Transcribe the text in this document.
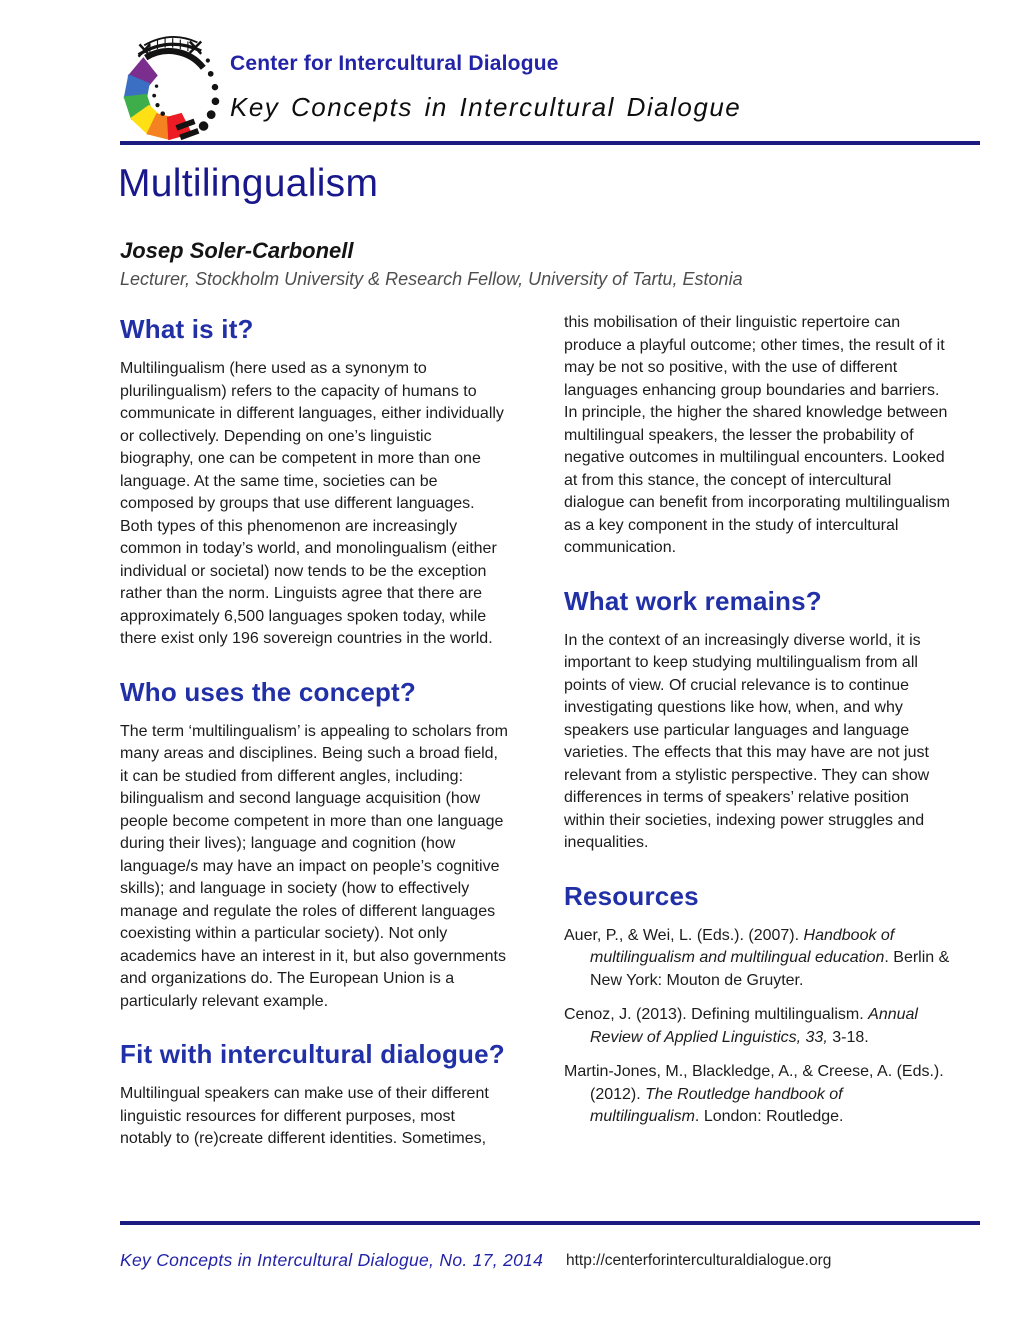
Center for Intercultural Dialogue
Key Concepts in Intercultural Dialogue
Multilingualism
Josep Soler-Carbonell
Lecturer, Stockholm University & Research Fellow, University of Tartu, Estonia
What is it?

Multilingualism (here used as a synonym to plurilingualism) refers to the capacity of humans to communicate in different languages, either individually or collectively. Depending on one’s linguistic biography, one can be competent in more than one language. At the same time, societies can be composed by groups that use different languages. Both types of this phenomenon are increasingly common in today’s world, and monolingualism (either individual or societal) now tends to be the exception rather than the norm. Linguists agree that there are approximately 6,500 languages spoken today, while there exist only 196 sovereign countries in the world.

Who uses the concept?

The term ‘multilingualism’ is appealing to scholars from many areas and disciplines. Being such a broad field, it can be studied from different angles, including: bilingualism and second language acquisition (how people become competent in more than one language during their lives); language and cognition (how language/s may have an impact on people’s cognitive skills); and language in society (how to effectively manage and regulate the roles of different languages coexisting within a particular society). Not only academics have an interest in it, but also governments and organizations do. The European Union is a particularly relevant example.

Fit with intercultural dialogue?

Multilingual speakers can make use of their different linguistic resources for different purposes, most notably to (re)create different identities. Sometimes,

this mobilisation of their linguistic repertoire can produce a playful outcome; other times, the result of it may be not so positive, with the use of different languages enhancing group boundaries and barriers. In principle, the higher the shared knowledge between multilingual speakers, the lesser the probability of negative outcomes in multilingual encounters. Looked at from this stance, the concept of intercultural dialogue can benefit from incorporating multilingualism as a key component in the study of intercultural communication.

What work remains?

In the context of an increasingly diverse world, it is important to keep studying multilingualism from all points of view. Of crucial relevance is to continue investigating questions like how, when, and why speakers use particular languages and language varieties. The effects that this may have are not just relevant from a stylistic perspective. They can show differences in terms of speakers’ relative position within their societies, indexing power struggles and inequalities.

Resources

Auer, P., & Wei, L. (Eds.). (2007). Handbook of multilingualism and multilingual education. Berlin & New York: Mouton de Gruyter.

Cenoz, J. (2013). Defining multilingualism. Annual Review of Applied Linguistics, 33, 3-18.

Martin-Jones, M., Blackledge, A., & Creese, A. (Eds.). (2012). The Routledge handbook of multilingualism. London: Routledge.

Key Concepts in Intercultural Dialogue, No. 17, 2014 http://centerforinterculturaldialogue.org
